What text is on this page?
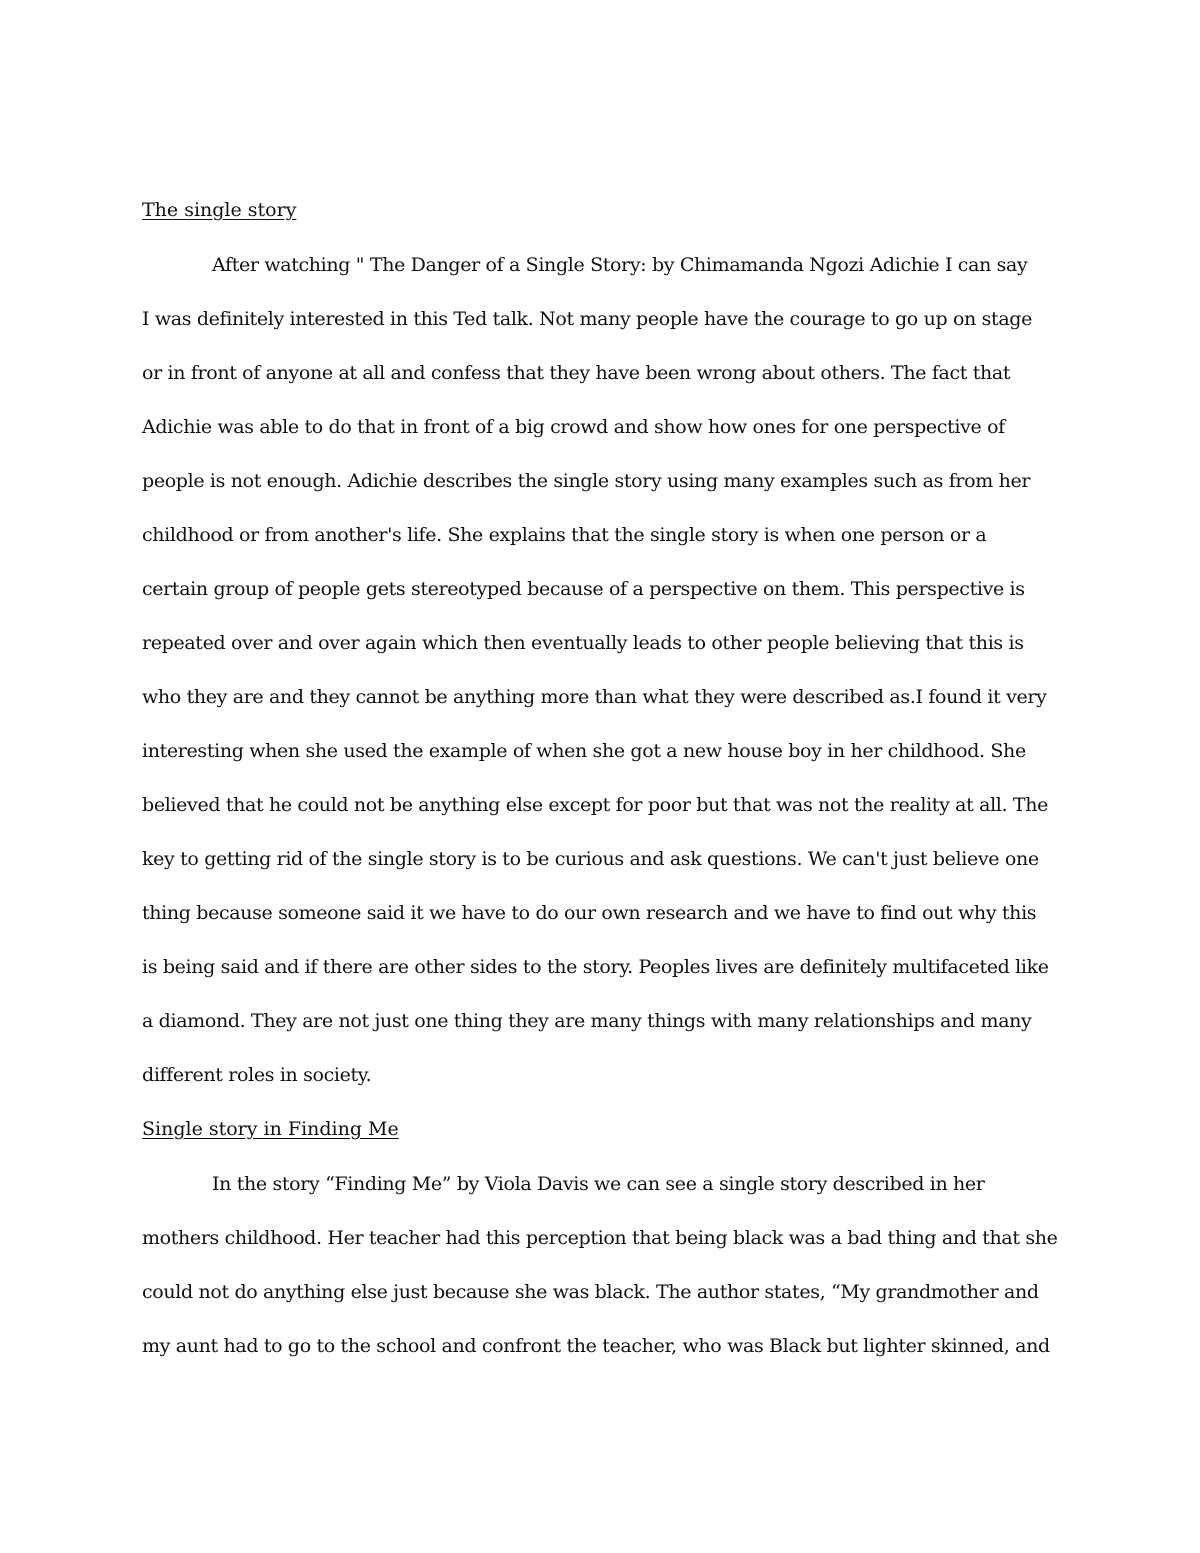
The single story
After watching " The Danger of a Single Story: by Chimamanda Ngozi Adichie I can say
I was definitely interested in this Ted talk. Not many people have the courage to go up on stage
or in front of anyone at all and confess that they have been wrong about others. The fact that
Adichie was able to do that in front of a big crowd and show how ones for one perspective of
people is not enough. Adichie describes the single story using many examples such as from her
childhood or from another's life. She explains that the single story is when one person or a
certain group of people gets stereotyped because of a perspective on them. This perspective is
repeated over and over again which then eventually leads to other people believing that this is
who they are and they cannot be anything more than what they were described as.I found it very
interesting when she used the example of when she got a new house boy in her childhood. She
believed that he could not be anything else except for poor but that was not the reality at all. The
key to getting rid of the single story is to be curious and ask questions. We can't just believe one
thing because someone said it we have to do our own research and we have to find out why this
is being said and if there are other sides to the story. Peoples lives are definitely multifaceted like
a diamond. They are not just one thing they are many things with many relationships and many
different roles in society.
Single story in Finding Me
In the story “Finding Me” by Viola Davis we can see a single story described in her
mothers childhood. Her teacher had this perception that being black was a bad thing and that she
could not do anything else just because she was black. The author states, “My grandmother and
my aunt had to go to the school and confront the teacher, who was Black but lighter skinned, and
